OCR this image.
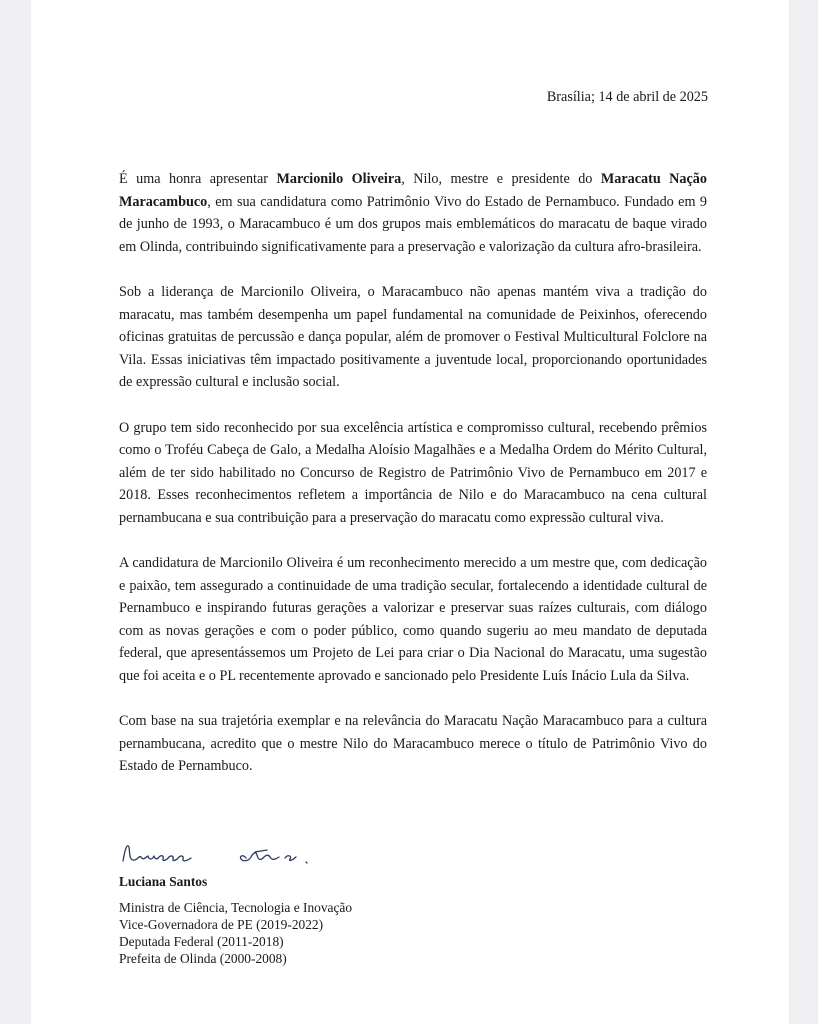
Brasília; 14 de abril de 2025

É uma honra apresentar Marcionilo Oliveira, Nilo, mestre e presidente do Maracatu Nação Maracambuco, em sua candidatura como Patrimônio Vivo do Estado de Pernambuco. Fundado em 9 de junho de 1993, o Maracambuco é um dos grupos mais emblemáticos do maracatu de baque virado em Olinda, contribuindo significativamente para a preservação e valorização da cultura afro-brasileira.

Sob a liderança de Marcionilo Oliveira, o Maracambuco não apenas mantém viva a tradição do maracatu, mas também desempenha um papel fundamental na comunidade de Peixinhos, oferecendo oficinas gratuitas de percussão e dança popular, além de promover o Festival Multicultural Folclore na Vila. Essas iniciativas têm impactado positivamente a juventude local, proporcionando oportunidades de expressão cultural e inclusão social.

O grupo tem sido reconhecido por sua excelência artística e compromisso cultural, recebendo prêmios como o Troféu Cabeça de Galo, a Medalha Aloísio Magalhães e a Medalha Ordem do Mérito Cultural, além de ter sido habilitado no Concurso de Registro de Patrimônio Vivo de Pernambuco em 2017 e 2018. Esses reconhecimentos refletem a importância de Nilo e do Maracambuco na cena cultural pernambucana e sua contribuição para a preservação do maracatu como expressão cultural viva.

A candidatura de Marcionilo Oliveira é um reconhecimento merecido a um mestre que, com dedicação e paixão, tem assegurado a continuidade de uma tradição secular, fortalecendo a identidade cultural de Pernambuco e inspirando futuras gerações a valorizar e preservar suas raízes culturais, com diálogo com as novas gerações e com o poder público, como quando sugeriu ao meu mandato de deputada federal, que apresentássemos um Projeto de Lei para criar o Dia Nacional do Maracatu, uma sugestão que foi aceita e o PL recentemente aprovado e sancionado pelo Presidente Luís Inácio Lula da Silva.

Com base na sua trajetória exemplar e na relevância do Maracatu Nação Maracambuco para a cultura pernambucana, acredito que o mestre Nilo do Maracambuco merece o título de Patrimônio Vivo do Estado de Pernambuco.

Luciana Santos
Ministra de Ciência, Tecnologia e Inovação
Vice-Governadora de PE (2019-2022)
Deputada Federal (2011-2018)
Prefeita de Olinda (2000-2008)
